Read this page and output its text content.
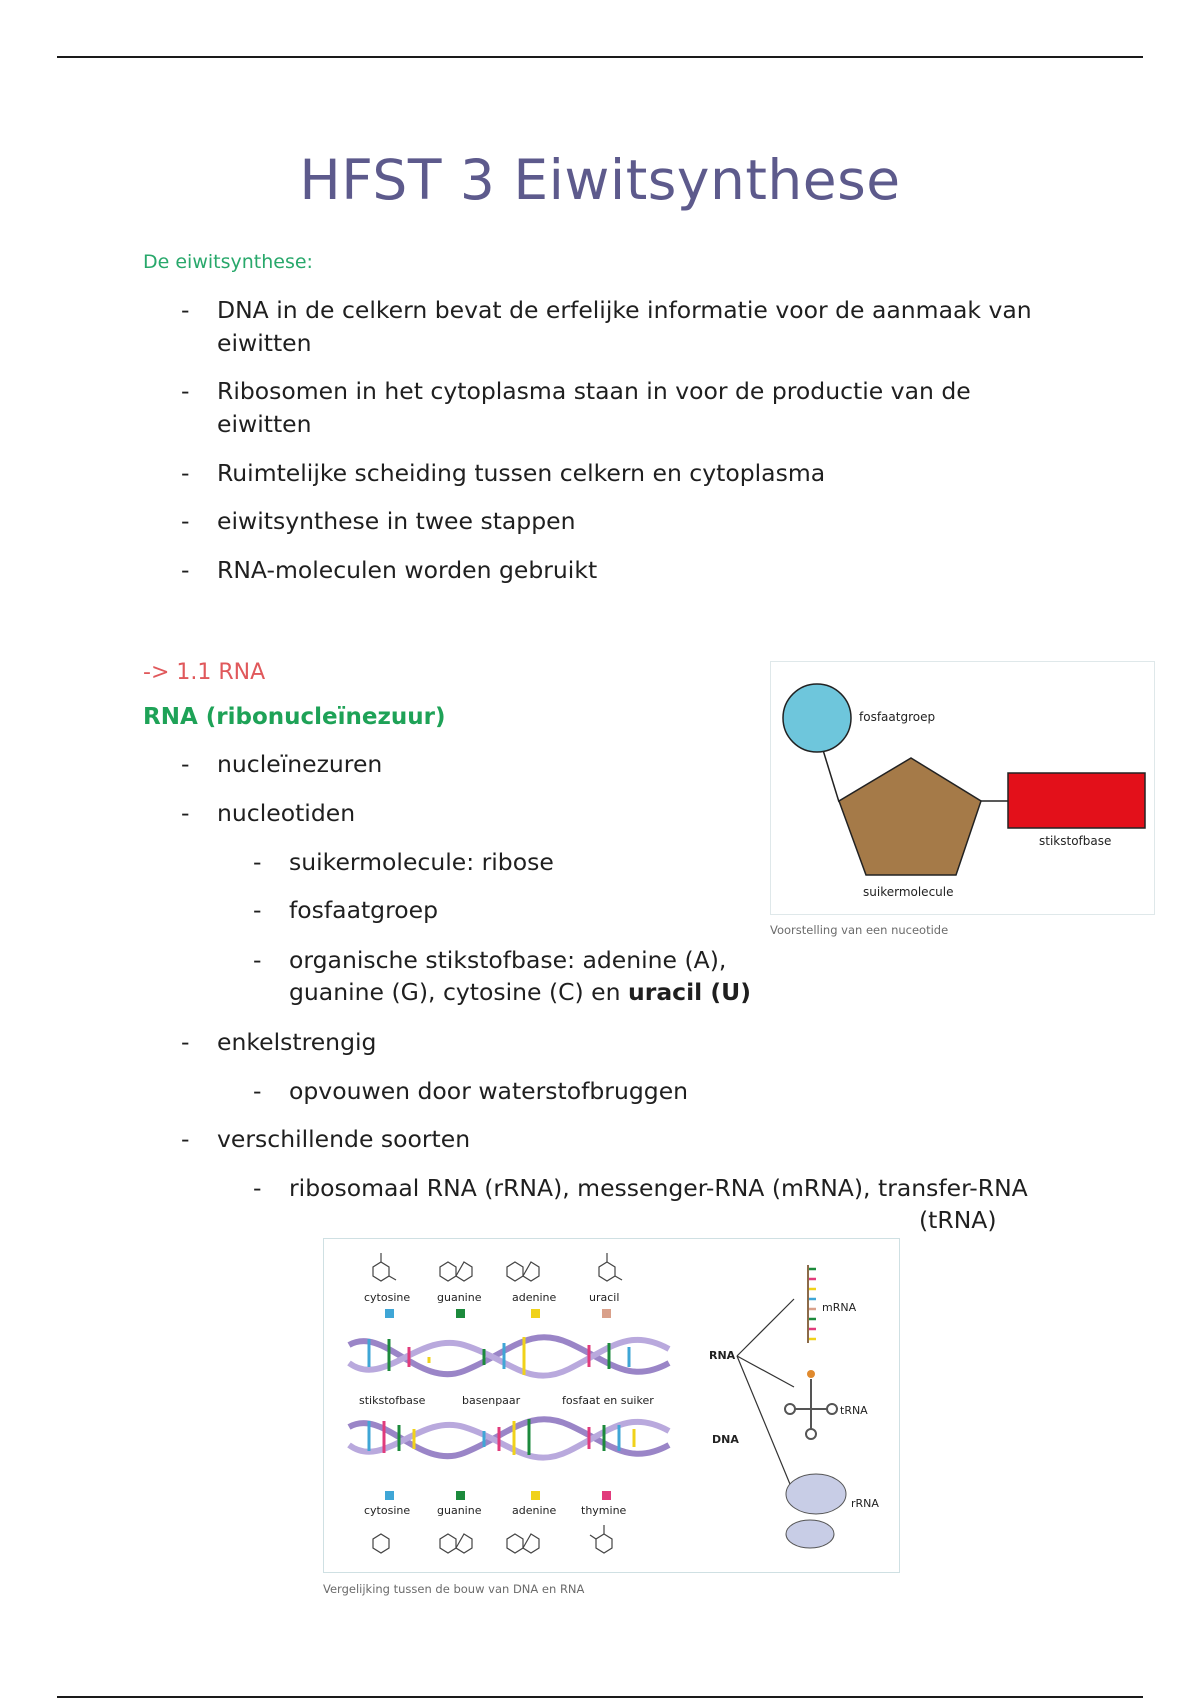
HFST 3 Eiwitsynthese
De eiwitsynthese:
- DNA in de celkern bevat de erfelijke informatie voor de aanmaak van
eiwitten
- Ribosomen in het cytoplasma staan in voor de productie van de
eiwitten
- Ruimtelijke scheiding tussen celkern en cytoplasma
- eiwitsynthese in twee stappen
- RNA-moleculen worden gebruikt
-> 1.1 RNA
RNA (ribonucleïnezuur)
- nucleïnezuren
- nucleotiden
- suikermolecule: ribose
- fosfaatgroep
- organische stikstofbase: adenine (A),
guanine (G), cytosine (C) en uracil (U)
- enkelstrengig
- opvouwen door waterstofbruggen
- verschillende soorten
- ribosomaal RNA (rRNA), messenger-RNA (mRNA), transfer-RNA
(tRNA)
fosfaatgroep
stikstofbase
suikermolecule
Voorstelling van een nuceotide
cytosine guanine	adenine	uracil
stikstofbase	basenpaar	fosfaat en suiker
cytosine guanine	adenine thymine
RNA
DNA
mRNA
tRNA
rRNA
Vergelijking tussen de bouw van DNA en RNA
